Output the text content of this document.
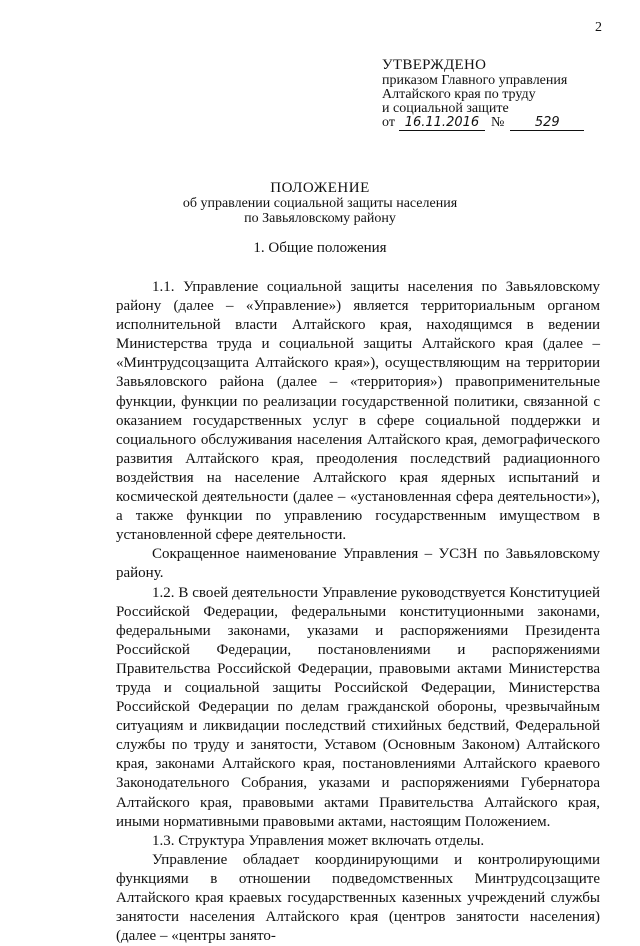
2
УТВЕРЖДЕНО
приказом Главного управления
Алтайского края по труду
и социальной защите
от 16.11.2016 №	529
ПОЛОЖЕНИЕ
об управлении социальной защиты населения
по Завьяловскому району
1. Общие положения

1.1. Управление социальной защиты населения по Завьяловскому району (далее – «Управление») является территориальным органом исполнительной власти Алтайского края, находящимся в ведении Министерства труда и социальной защиты Алтайского края (далее – «Минтрудсоцзащита Алтайского края»), осуществляющим на территории Завьяловского района (далее – «территория») правоприменительные функции, функции по реализации государственной политики, связанной с оказанием государственных услуг в сфере социальной поддержки и социального обслуживания населения Алтайского края, демографического развития Алтайского края, преодоления последствий радиационного воздействия на население Алтайского края ядерных испытаний и космической деятельности (далее – «установленная сфера деятельности»), а также функции по управлению государственным имуществом в установленной сфере деятельности.

Сокращенное наименование Управления – УСЗН по Завьяловскому району.

1.2. В своей деятельности Управление руководствуется Конституцией Российской Федерации, федеральными конституционными законами, федеральными законами, указами и распоряжениями Президента Российской Федерации, постановлениями и распоряжениями Правительства Российской Федерации, правовыми актами Министерства труда и социальной защиты Российской Федерации, Министерства Российской Федерации по делам гражданской обороны, чрезвычайным ситуациям и ликвидации последствий стихийных бедствий, Федеральной службы по труду и занятости, Уставом (Основным Законом) Алтайского края, законами Алтайского края, постановлениями Алтайского краевого Законодательного Собрания, указами и распоряжениями Губернатора Алтайского края, правовыми актами Правительства Алтайского края, иными нормативными правовыми актами, настоящим Положением.

1.3. Структура Управления может включать отделы.

Управление обладает координирующими и контролирующими функциями в отношении подведомственных Минтрудсоцзащите Алтайского края краевых государственных казенных учреждений службы занятости населения Алтайского края (центров занятости населения) (далее – «центры занято-
